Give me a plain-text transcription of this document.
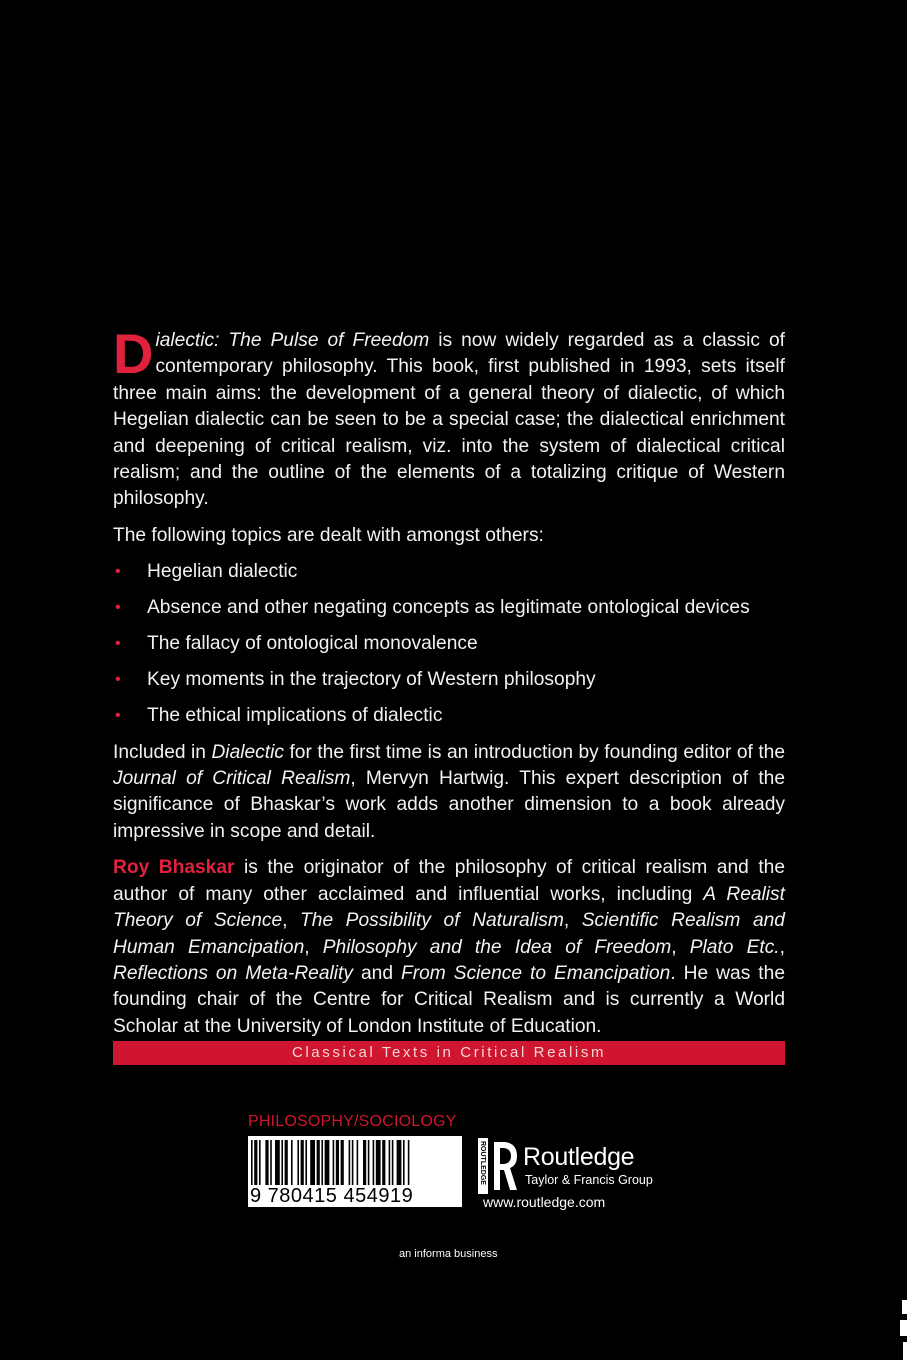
Dialectic: The Pulse of Freedom is now widely regarded as a classic of contemporary philosophy. This book, first published in 1993, sets itself three main aims: the development of a general theory of dialectic, of which Hegelian dialectic can be seen to be a special case; the dialectical enrichment and deepening of critical realism, viz. into the system of dialectical critical realism; and the outline of the elements of a totalizing critique of Western philosophy.

The following topics are dealt with amongst others:

• Hegelian dialectic
• Absence and other negating concepts as legitimate ontological devices
• The fallacy of ontological monovalence
• Key moments in the trajectory of Western philosophy
• The ethical implications of dialectic

Included in Dialectic for the first time is an introduction by founding editor of the Journal of Critical Realism, Mervyn Hartwig. This expert description of the significance of Bhaskar’s work adds another dimension to a book already impressive in scope and detail.

Roy Bhaskar is the originator of the philosophy of critical realism and the author of many other acclaimed and influential works, including A Realist Theory of Science, The Possibility of Naturalism, Scientific Realism and Human Emancipation, Philosophy and the Idea of Freedom, Plato Etc., Reflections on Meta-Reality and From Science to Emancipation. He was the founding chair of the Centre for Critical Realism and is currently a World Scholar at the University of London Institute of Education.

Classical Texts in Critical Realism
PHILOSOPHY/SOCIOLOGY
9 780415 454919
ROUTLEDGE Routledge
Taylor & Francis Group
www.routledge.com
an informa business
